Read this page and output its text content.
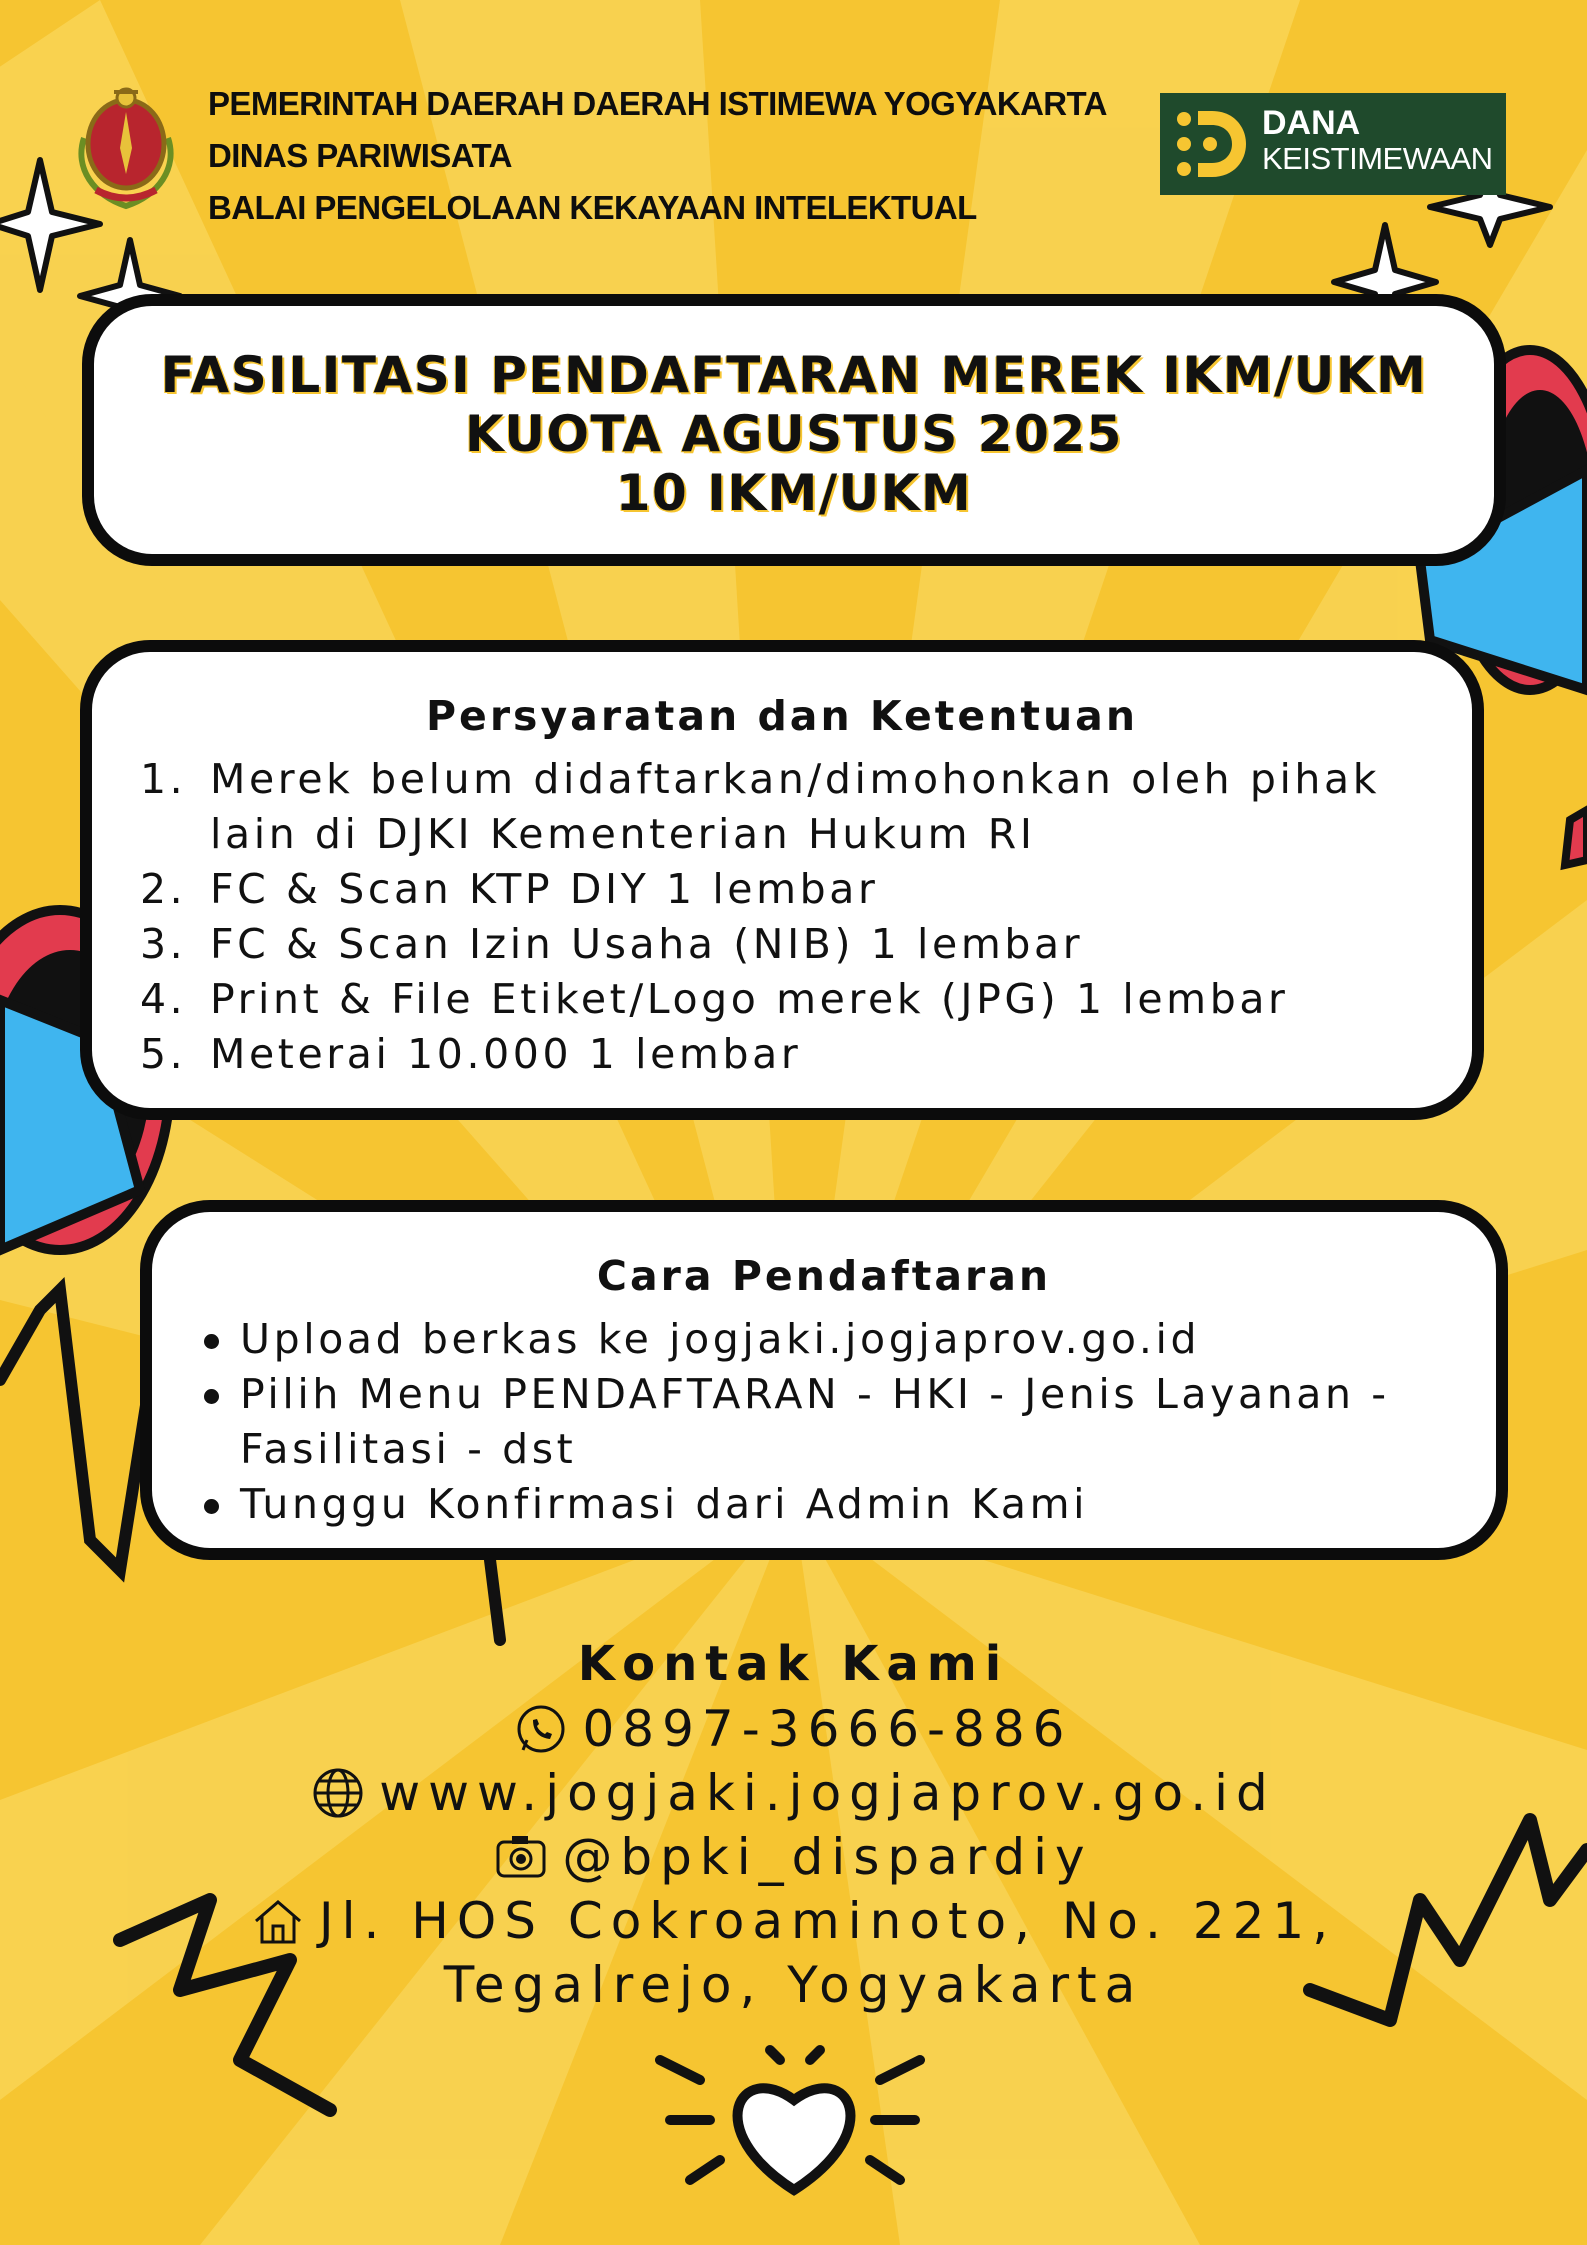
PEMERINTAH DAERAH DAERAH ISTIMEWA YOGYAKARTA
DINAS PARIWISATA
BALAI PENGELOLAAN KEKAYAAN INTELEKTUAL
DANA
KEISTIMEWAAN
FASILITASI PENDAFTARAN MEREK IKM/UKM
KUOTA AGUSTUS 2025
10 IKM/UKM
Persyaratan dan Ketentuan
1. Merek belum didaftarkan/dimohonkan oleh pihak lain di DJKI Kementerian Hukum RI
2. FC & Scan KTP DIY 1 lembar
3. FC & Scan Izin Usaha (NIB) 1 lembar
4. Print & File Etiket/Logo merek (JPG) 1 lembar
5. Meterai 10.000 1 lembar
Cara Pendaftaran
Upload berkas ke jogjaki.jogjaprov.go.id
Pilih Menu PENDAFTARAN - HKI - Jenis Layanan - Fasilitasi - dst
Tunggu Konfirmasi dari Admin Kami
Kontak Kami
0897-3666-886
www.jogjaki.jogjaprov.go.id
@bpki_dispardiy
Jl. HOS Cokroaminoto, No. 221,
Tegalrejo, Yogyakarta
